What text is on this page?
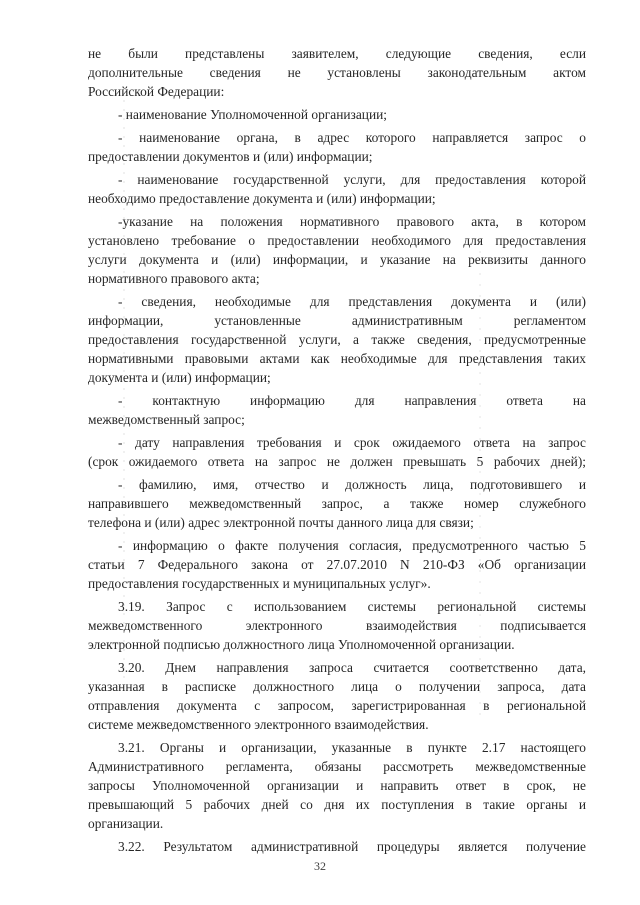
не были представлены заявителем, следующие сведения, если
дополнительные сведения не установлены законодательным актом
Российской Федерации:
- наименование Уполномоченной организации;
- наименование органа, в адрес которого направляется запрос о
предоставлении документов и (или) информации;
- наименование государственной услуги, для предоставления которой
необходимо предоставление документа и (или) информации;
-указание на положения нормативного правового акта, в котором
установлено требование о предоставлении необходимого для предоставления
услуги документа и (или) информации, и указание на реквизиты данного
нормативного правового акта;
- сведения, необходимые для представления документа и (или)
информации, установленные административным регламентом
предоставления государственной услуги, а также сведения, предусмотренные
нормативными правовыми актами как необходимые для представления таких
документа и (или) информации;
- контактную информацию для направления ответа на
межведомственный запрос;
- дату направления требования и срок ожидаемого ответа на запрос
(срок ожидаемого ответа на запрос не должен превышать 5 рабочих дней);
- фамилию, имя, отчество и должность лица, подготовившего и
направившего межведомственный запрос, а также номер служебного
телефона и (или) адрес электронной почты данного лица для связи;
- информацию о факте получения согласия, предусмотренного частью 5
статьи 7 Федерального закона от 27.07.2010 N 210-ФЗ «Об организации
предоставления государственных и муниципальных услуг».
3.19. Запрос с использованием системы региональной системы
межведомственного электронного взаимодействия подписывается
электронной подписью должностного лица Уполномоченной организации.
3.20. Днем направления запроса считается соответственно дата,
указанная в расписке должностного лица о получении запроса, дата
отправления документа с запросом, зарегистрированная в региональной
системе межведомственного электронного взаимодействия.
3.21. Органы и организации, указанные в пункте 2.17 настоящего
Административного регламента, обязаны рассмотреть межведомственные
запросы Уполномоченной организации и направить ответ в срок, не
превышающий 5 рабочих дней со дня их поступления в такие органы и
организации.
3.22. Результатом административной процедуры является получение
32
